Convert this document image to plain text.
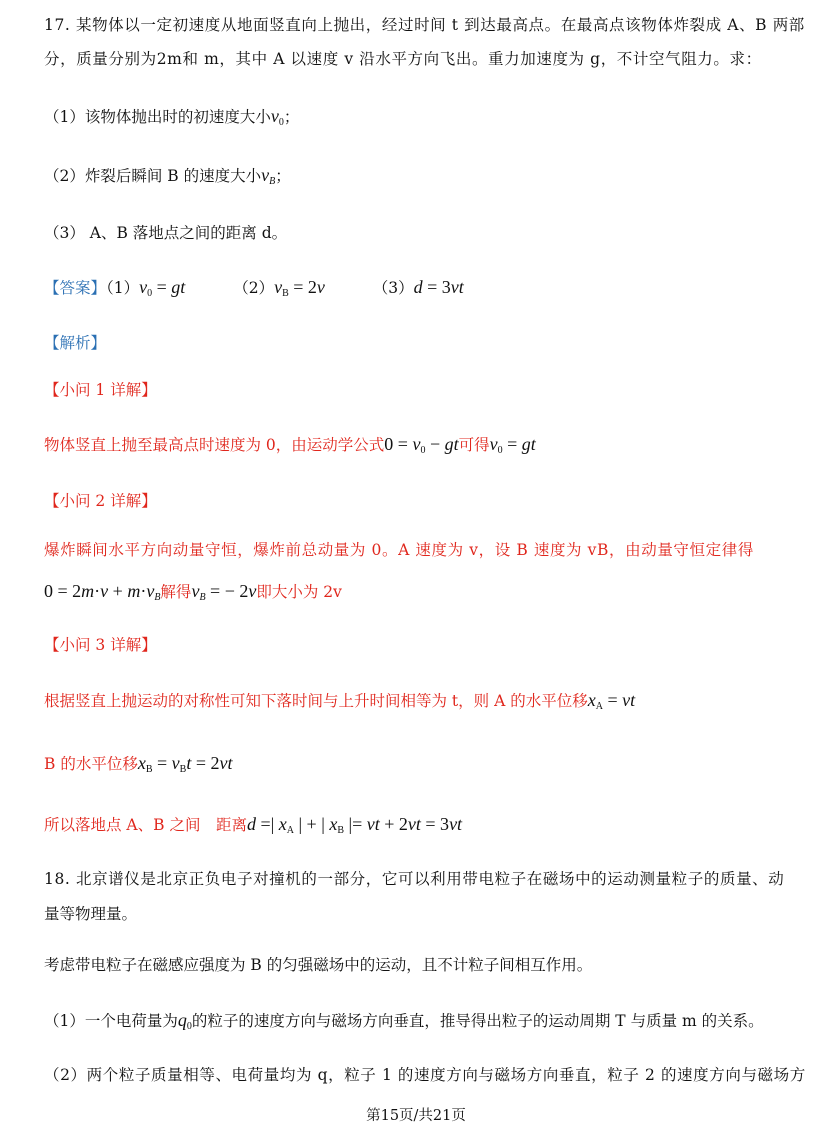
17. 某物体以一定初速度从地面竖直向上抛出，经过时间 t 到达最高点。在最高点该物体炸裂成 A、B 两部
分，质量分别为2m和 m，其中 A 以速度 v 沿水平方向飞出。重力加速度为 g，不计空气阻力。求：
（1）该物体抛出时的初速度大小$v_0$；
（2）炸裂后瞬间 B 的速度大小$v_B$；
（3） A、B 落地点之间的距离 d。
【答案】$(1)v_0$ = gt	$(2)v_B = 2v$	（3）d = 3vt
【解析】
【小问 1 详解】
物体竖直上抛至最高点时速度为 0，由运动学公式$0 = v_0$ − gt可得$v_0$ = gt
【小问 2 详解】
爆炸瞬间水平方向动量守恒，爆炸前总动量为 0。A 速度为 v，设 B 速度为 vB，由动量守恒定律得
$0 = 2m\cdot v + m\cdot v_B$解得$v_B$ = − 2v即大小为 2v
【小问 3 详解】
根据竖直上抛运动的对称性可知下落时间与上升时间相等为 t，则 A 的水平位移$x_A$ = vt
B 的水平位移$x_B = v_Bt = 2vt$
所以落地点 A、B 之间　距离d =| $x_A$ | + | $x_B$ |= vt + 2vt = 3vt
18. 北京谱仪是北京正负电子对撞机的一部分，它可以利用带电粒子在磁场中的运动测量粒子的质量、动
量等物理量。
考虑带电粒子在磁感应强度为 B 的匀强磁场中的运动，且不计粒子间相互作用。
（1）一个电荷量为$q_0$的粒子的速度方向与磁场方向垂直，推导得出粒子的运动周期 T 与质量 m 的关系。
（2）两个粒子质量相等、电荷量均为 q，粒子 1 的速度方向与磁场方向垂直，粒子 2 的速度方向与磁场方
第15页/共21页
